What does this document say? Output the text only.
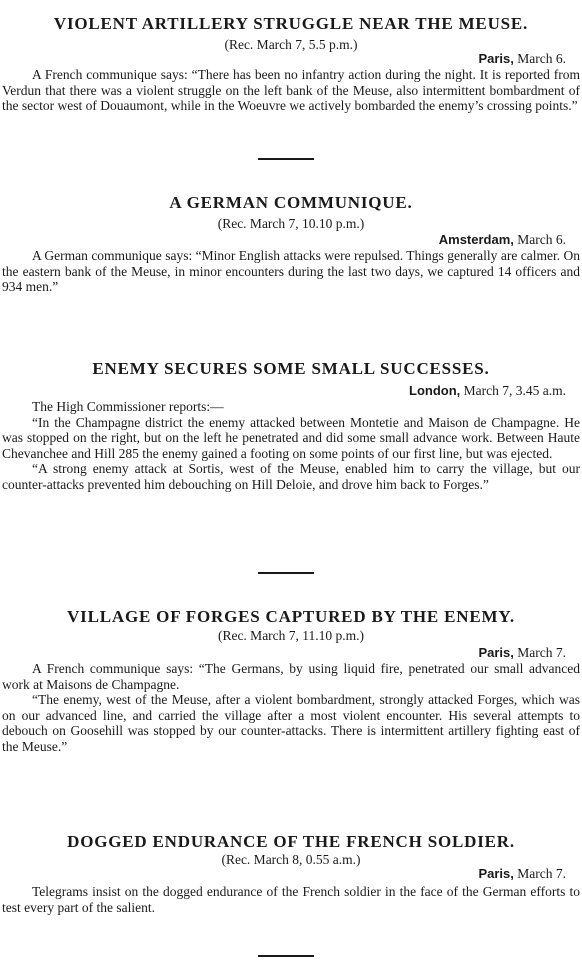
VIOLENT ARTILLERY STRUGGLE NEAR THE MEUSE.
(Rec. March 7, 5.5 p.m.)
Paris, March 6.

A French communique says: “There has been no infantry action during the night. It is reported from Verdun that there was a violent struggle on the left bank of the Meuse, also intermittent bombardment of the sector west of Douaumont, while in the Woeuvre we actively bombarded the enemy’s crossing points.”

A GERMAN COMMUNIQUE.
(Rec. March 7, 10.10 p.m.)
Amsterdam, March 6.

A German communique says: “Minor English attacks were repulsed. Things generally are calmer. On the eastern bank of the Meuse, in minor encounters during the last two days, we captured 14 officers and 934 men.”

ENEMY SECURES SOME SMALL SUCCESSES.
London, March 7, 3.45 a.m.

The High Commissioner reports:—

“In the Champagne district the enemy attacked between Montetie and Maison de Champagne. He was stopped on the right, but on the left he penetrated and did some small advance work. Between Haute Chevanchee and Hill 285 the enemy gained a footing on some points of our first line, but was ejected.

“A strong enemy attack at Sortis, west of the Meuse, enabled him to carry the village, but our counter-attacks prevented him debouching on Hill Deloie, and drove him back to Forges.”

VILLAGE OF FORGES CAPTURED BY THE ENEMY.
(Rec. March 7, 11.10 p.m.)
Paris, March 7.

A French communique says: “The Germans, by using liquid fire, penetrated our small advanced work at Maisons de Champagne.

“The enemy, west of the Meuse, after a violent bombardment, strongly attacked Forges, which was on our advanced line, and carried the village after a most violent encounter. His several attempts to debouch on Goosehill was stopped by our counter-attacks. There is intermittent artillery fighting east of the Meuse.”

DOGGED ENDURANCE OF THE FRENCH SOLDIER.
(Rec. March 8, 0.55 a.m.)
Paris, March 7.

Telegrams insist on the dogged endurance of the French soldier in the face of the German efforts to test every part of the salient.
